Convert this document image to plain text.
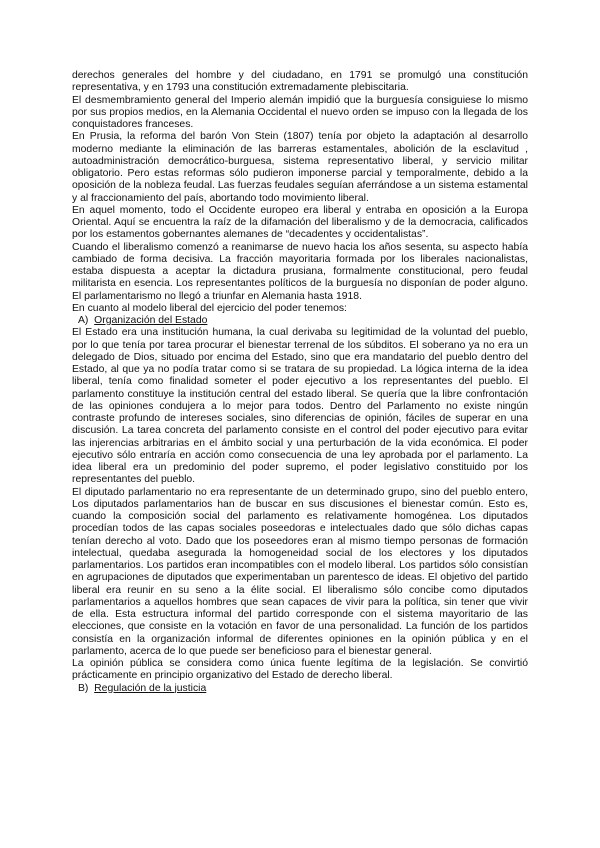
derechos generales del hombre y del ciudadano, en 1791 se promulgó una constitución representativa, y en 1793 una constitución extremadamente plebiscitaria.

El desmembramiento general del Imperio alemán impidió que la burguesía consiguiese lo mismo por sus propios medios, en la Alemania Occidental el nuevo orden se impuso con la llegada de los conquistadores franceses.

En Prusia, la reforma del barón Von Stein (1807) tenía por objeto la adaptación al desarrollo moderno mediante la eliminación de las barreras estamentales, abolición de la esclavitud , autoadministración democrático-burguesa, sistema representativo liberal, y servicio militar obligatorio. Pero estas reformas sólo pudieron imponerse parcial y temporalmente, debido a la oposición de la nobleza feudal. Las fuerzas feudales seguían aferrándose a un sistema estamental y al fraccionamiento del país, abortando todo movimiento liberal.

En aquel momento, todo el Occidente europeo era liberal y entraba en oposición a la Europa Oriental. Aquí se encuentra la raíz de la difamación del liberalismo y de la democracia, calificados por los estamentos gobernantes alemanes de “decadentes y occidentalistas”.

Cuando el liberalismo comenzó a reanimarse de nuevo hacia los años sesenta, su aspecto había cambiado de forma decisiva. La fracción mayoritaria formada por los liberales nacionalistas, estaba dispuesta a aceptar la dictadura prusiana, formalmente constitucional, pero feudal militarista en esencia. Los representantes políticos de la burguesía no disponían de poder alguno. El parlamentarismo no llegó a triunfar en Alemania hasta 1918.

En cuanto al modelo liberal del ejercicio del poder tenemos:

A) Organización del Estado

El Estado era una institución humana, la cual derivaba su legitimidad de la voluntad del pueblo, por lo que tenía por tarea procurar el bienestar terrenal de los súbditos. El soberano ya no era un delegado de Dios, situado por encima del Estado, sino que era mandatario del pueblo dentro del Estado, al que ya no podía tratar como si se tratara de su propiedad. La lógica interna de la idea liberal, tenía como finalidad someter el poder ejecutivo a los representantes del pueblo. El parlamento constituye la institución central del estado liberal. Se quería que la libre confrontación de las opiniones condujera a lo mejor para todos. Dentro del Parlamento no existe ningún contraste profundo de intereses sociales, sino diferencias de opinión, fáciles de superar en una discusión. La tarea concreta del parlamento consiste en el control del poder ejecutivo para evitar las injerencias arbitrarias en el ámbito social y una perturbación de la vida económica. El poder ejecutivo sólo entraría en acción como consecuencia de una ley aprobada por el parlamento. La idea liberal era un predominio del poder supremo, el poder legislativo constituido por los representantes del pueblo.

El diputado parlamentario no era representante de un determinado grupo, sino del pueblo entero, Los diputados parlamentarios han de buscar en sus discusiones el bienestar común. Esto es, cuando la composición social del parlamento es relativamente homogénea. Los diputados procedían todos de las capas sociales poseedoras e intelectuales dado que sólo dichas capas tenían derecho al voto. Dado que los poseedores eran al mismo tiempo personas de formación intelectual, quedaba asegurada la homogeneidad social de los electores y los diputados parlamentarios. Los partidos eran incompatibles con el modelo liberal. Los partidos sólo consistían en agrupaciones de diputados que experimentaban un parentesco de ideas. El objetivo del partido liberal era reunir en su seno a la élite social. El liberalismo sólo concibe como diputados parlamentarios a aquellos hombres que sean capaces de vivir para la política, sin tener que vivir de ella. Esta estructura informal del partido corresponde con el sistema mayoritario de las elecciones, que consiste en la votación en favor de una personalidad. La función de los partidos consistía en la organización informal de diferentes opiniones en la opinión pública y en el parlamento, acerca de lo que puede ser beneficioso para el bienestar general.

La opinión pública se considera como única fuente legítima de la legislación. Se convirtió prácticamente en principio organizativo del Estado de derecho liberal.

B) Regulación de la justicia
